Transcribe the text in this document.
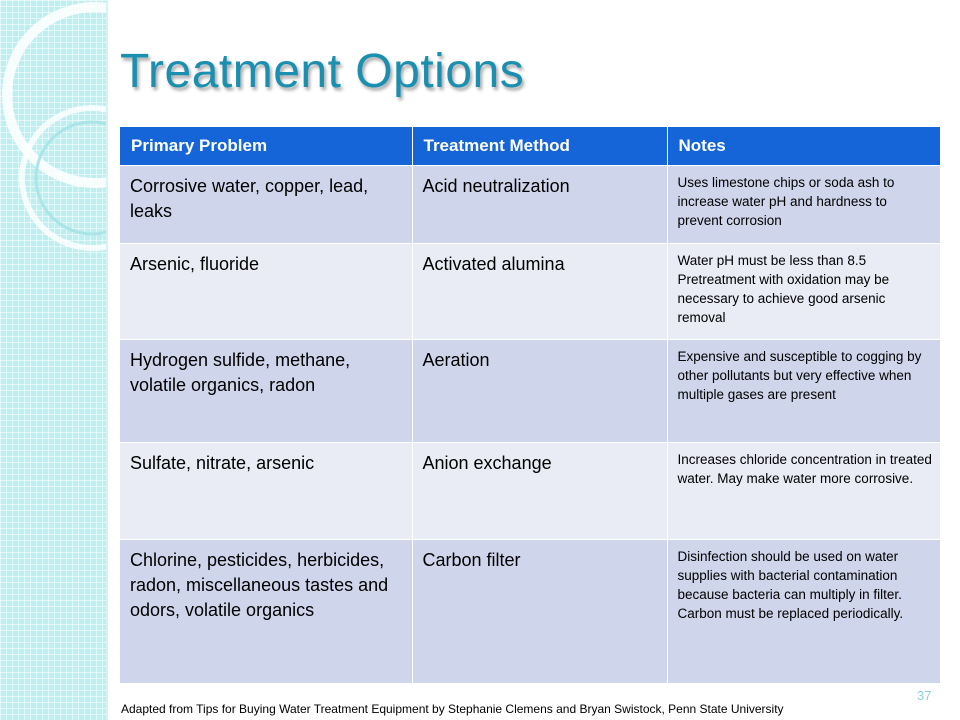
Treatment Options
Primary Problem	Treatment Method	Notes
Corrosive water, copper, lead, leaks	Acid neutralization	Uses limestone chips or soda ash to increase water pH and hardness to prevent corrosion
Arsenic, fluoride	Activated alumina	Water pH must be less than 8.5 Pretreatment with oxidation may be necessary to achieve good arsenic removal
Hydrogen sulfide, methane, volatile organics, radon	Aeration	Expensive and susceptible to cogging by other pollutants but very effective when multiple gases are present
Sulfate, nitrate, arsenic	Anion exchange	Increases chloride concentration in treated water. May make water more corrosive.
Chlorine, pesticides, herbicides, radon, miscellaneous tastes and odors, volatile organics	Carbon filter	Disinfection should be used on water supplies with bacterial contamination because bacteria can multiply in filter. Carbon must be replaced periodically.
37
Adapted from Tips for Buying Water Treatment Equipment by Stephanie Clemens and Bryan Swistock, Penn State University
